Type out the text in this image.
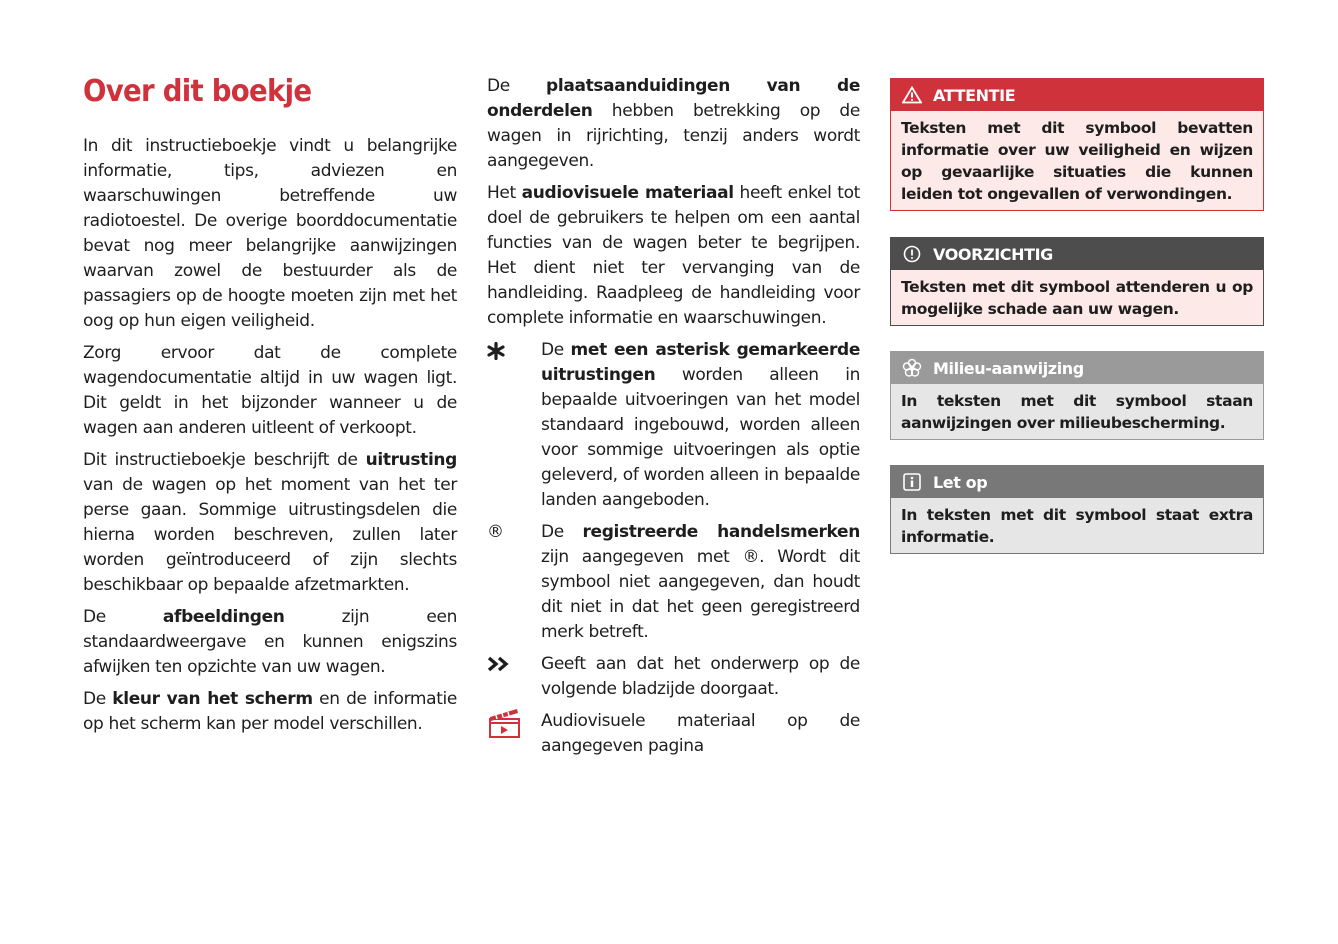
Over dit boekje

In dit instructieboekje vindt u belangrijke informatie, tips, adviezen en waarschuwingen betreffende uw radiotoestel. De overige boorddocumentatie bevat nog meer belangrijke aanwijzingen waarvan zowel de bestuurder als de passagiers op de hoogte moeten zijn met het oog op hun eigen veiligheid.

Zorg ervoor dat de complete wagendocumentatie altijd in uw wagen ligt. Dit geldt in het bijzonder wanneer u de wagen aan anderen uitleent of verkoopt.

Dit instructieboekje beschrijft de uitrusting van de wagen op het moment van het ter perse gaan. Sommige uitrustingsdelen die hierna worden beschreven, zullen later worden geïntroduceerd of zijn slechts beschikbaar op bepaalde afzetmarkten.

De afbeeldingen zijn een standaardweergave en kunnen enigszins afwijken ten opzichte van uw wagen.

De kleur van het scherm en de informatie op het scherm kan per model verschillen.

De plaatsaanduidingen van de onderdelen hebben betrekking op de wagen in rijrichting, tenzij anders wordt aangegeven.

Het audiovisuele materiaal heeft enkel tot doel de gebruikers te helpen om een aantal functies van de wagen beter te begrijpen. Het dient niet ter vervanging van de handleiding. Raadpleeg de handleiding voor complete informatie en waarschuwingen.

De met een asterisk gemarkeerde uitrustingen worden alleen in bepaalde uitvoeringen van het model standaard ingebouwd, worden alleen voor sommige uitvoeringen als optie geleverd, of worden alleen in bepaalde landen aangeboden.

®	De registreerde handelsmerken zijn aangegeven met ®. Wordt dit symbool niet aangegeven, dan houdt dit niet in dat het geen geregistreerd merk betreft.

Geeft aan dat het onderwerp op de volgende bladzijde doorgaat.

Audiovisuele materiaal op de aangegeven pagina

ATTENTIE
Teksten met dit symbool bevatten informatie over uw veiligheid en wijzen op gevaarlijke situaties die kunnen leiden tot ongevallen of verwondingen.
VOORZICHTIG
Teksten met dit symbool attenderen u op mogelijke schade aan uw wagen.
Milieu-aanwijzing
In teksten met dit symbool staan aanwijzingen over milieubescherming.
Let op
In teksten met dit symbool staat extra informatie.
